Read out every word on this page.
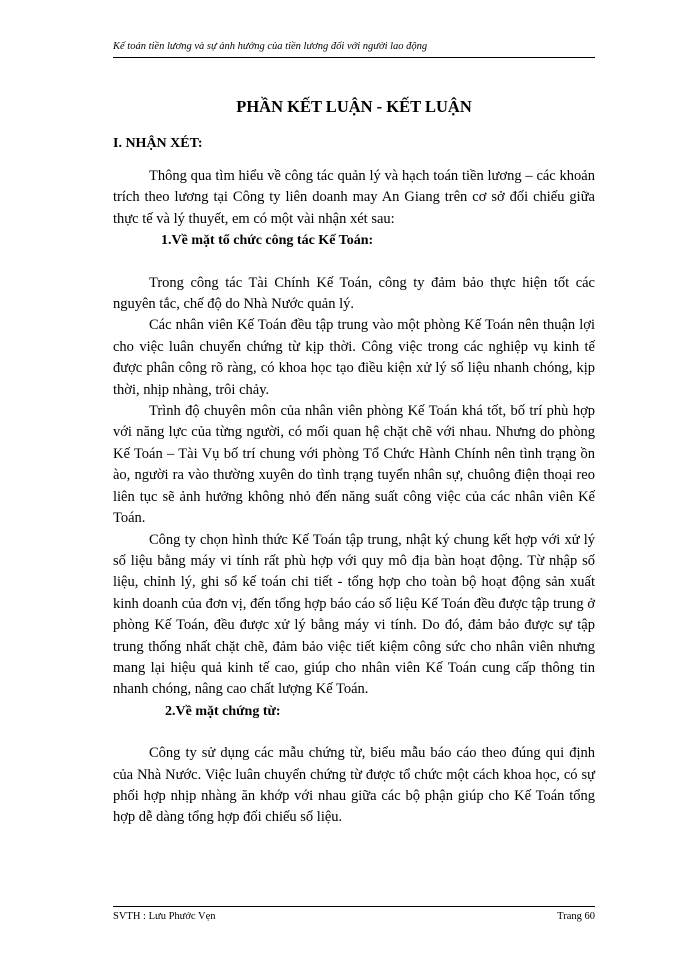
Kế toán tiền lương và sự ảnh hưởng của tiền lương đối với người lao động
PHẦN KẾT LUẬN - KẾT LUẬN
I. NHẬN XÉT:

Thông qua tìm hiểu về công tác quản lý và hạch toán tiền lương – các khoản trích theo lương tại Công ty liên doanh may An Giang trên cơ sở đối chiếu giữa thực tế và lý thuyết, em có một vài nhận xét sau:

1.Về mặt tổ chức công tác Kế Toán:

Trong công tác Tài Chính Kế Toán, công ty đảm bảo thực hiện tốt các nguyên tắc, chế độ do Nhà Nước quản lý.

Các nhân viên Kế Toán đều tập trung vào một phòng Kế Toán nên thuận lợi cho việc luân chuyển chứng từ kịp thời. Công việc trong các nghiệp vụ kinh tế được phân công rõ ràng, có khoa học tạo điều kiện xử lý số liệu nhanh chóng, kịp thời, nhịp nhàng, trôi chảy.

Trình độ chuyên môn của nhân viên phòng Kế Toán khá tốt, bố trí phù hợp với năng lực của từng người, có mối quan hệ chặt chẽ với nhau. Nhưng do phòng Kế Toán – Tài Vụ bố trí chung với phòng Tổ Chức Hành Chính nên tình trạng ồn ào, người ra vào thường xuyên do tình trạng tuyển nhân sự, chuông điện thoại reo liên tục sẽ ảnh hưởng không nhỏ đến năng suất công việc của các nhân viên Kế Toán.

Công ty chọn hình thức Kế Toán tập trung, nhật ký chung kết hợp với xử lý số liệu bằng máy vi tính rất phù hợp với quy mô địa bàn hoạt động. Từ nhập số liệu, chỉnh lý, ghi sổ kế toán chi tiết - tổng hợp cho toàn bộ hoạt động sản xuất kinh doanh của đơn vị, đến tổng hợp báo cáo số liệu Kế Toán đều được tập trung ở phòng Kế Toán, đều được xử lý bằng máy vi tính. Do đó, đảm bảo được sự tập trung thống nhất chặt chẽ, đảm bảo việc tiết kiệm công sức cho nhân viên nhưng mang lại hiệu quả kinh tế cao, giúp cho nhân viên Kế Toán cung cấp thông tin nhanh chóng, nâng cao chất lượng Kế Toán.

2.Về mặt chứng từ:

Công ty sử dụng các mẫu chứng từ, biểu mẫu báo cáo theo đúng qui định của Nhà Nước. Việc luân chuyển chứng từ được tổ chức một cách khoa học, có sự phối hợp nhịp nhàng ăn khớp với nhau giữa các bộ phận giúp cho Kế Toán tổng hợp dễ dàng tổng hợp đối chiếu số liệu.

SVTH : Lưu Phước Vẹn	Trang 60
